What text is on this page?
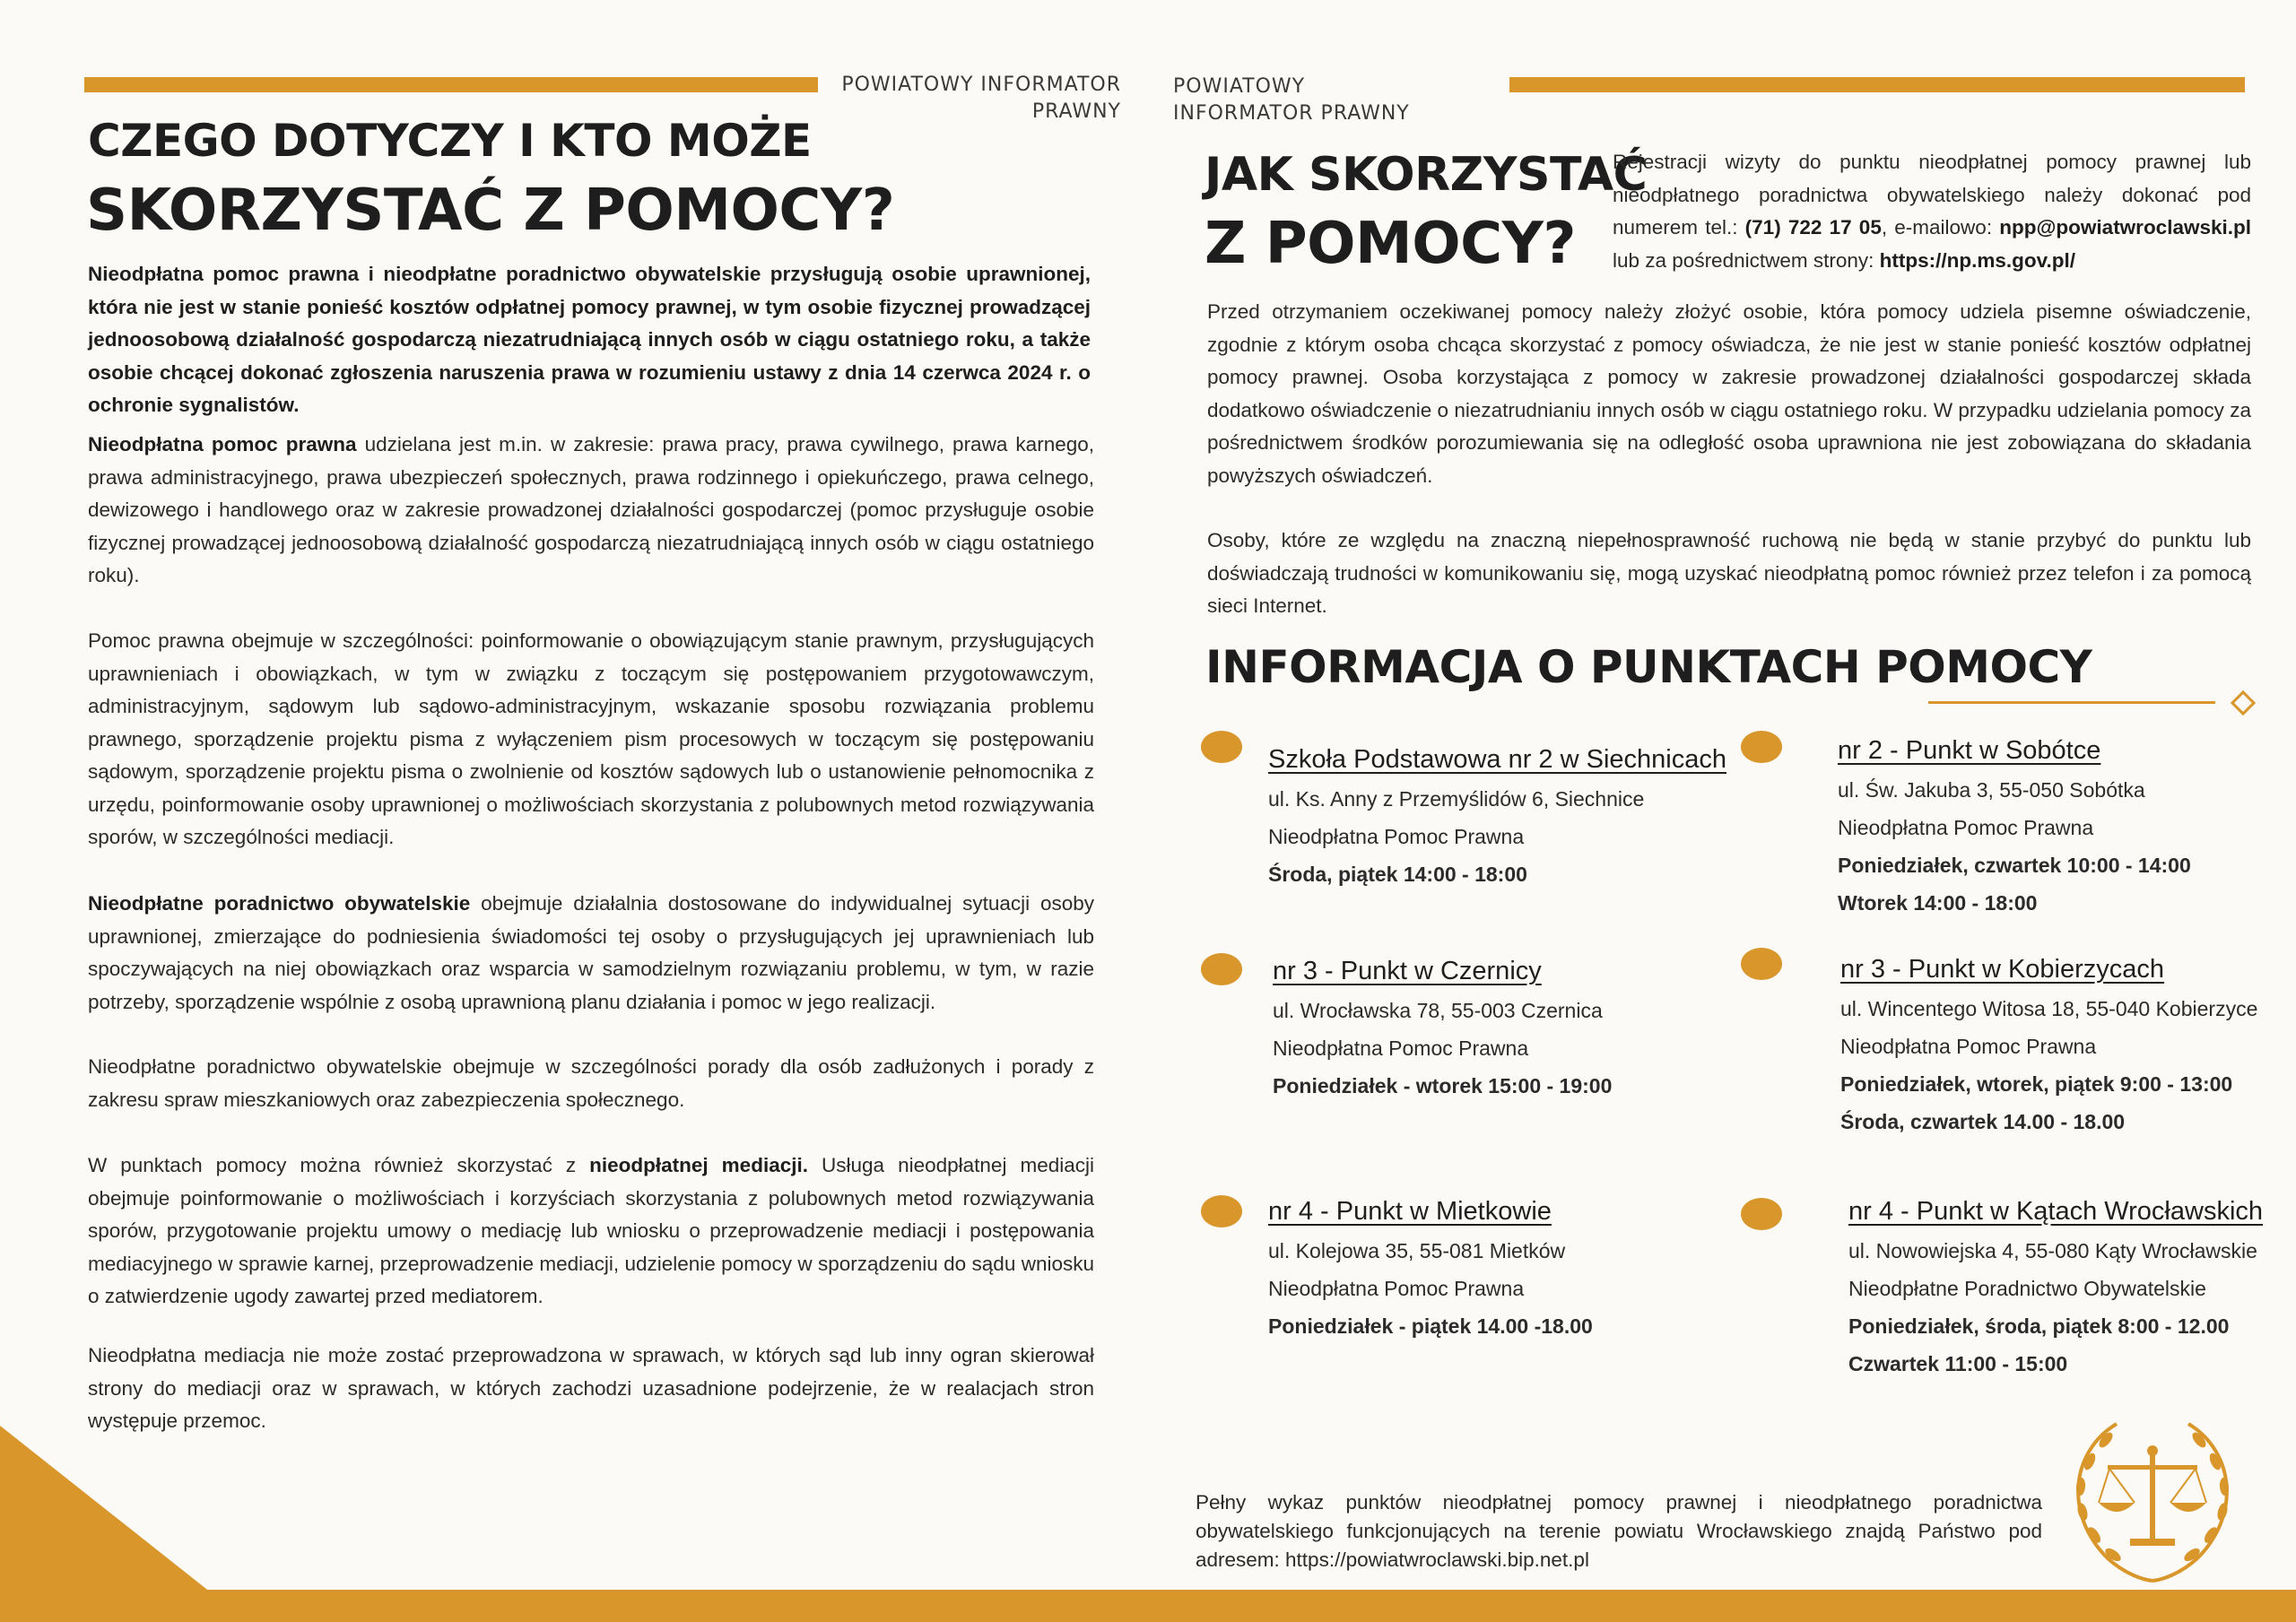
POWIATOWY INFORMATOR PRAWNY
CZEGO DOTYCZY I KTO MOŻE
SKORZYSTAĆ Z POMOCY?

Nieodpłatna pomoc prawna i nieodpłatne poradnictwo obywatelskie przysługują osobie uprawnionej, która nie jest w stanie ponieść kosztów odpłatnej pomocy prawnej, w tym osobie fizycznej prowadzącej jednoosobową działalność gospodarczą niezatrudniającą innych osób w ciągu ostatniego roku, a także osobie chcącej dokonać zgłoszenia naruszenia prawa w rozumieniu ustawy z dnia 14 czerwca 2024 r. o ochronie sygnalistów.

Nieodpłatna pomoc prawna udzielana jest m.in. w zakresie: prawa pracy, prawa cywilnego, prawa karnego, prawa administracyjnego, prawa ubezpieczeń społecznych, prawa rodzinnego i opiekuńczego, prawa celnego, dewizowego i handlowego oraz w zakresie prowadzonej działalności gospodarczej (pomoc przysługuje osobie fizycznej prowadzącej jednoosobową działalność gospodarczą niezatrudniającą innych osób w ciągu ostatniego roku).

Pomoc prawna obejmuje w szczególności: poinformowanie o obowiązującym stanie prawnym, przysługujących uprawnieniach i obowiązkach, w tym w związku z toczącym się postępowaniem przygotowawczym, administracyjnym, sądowym lub sądowo-administracyjnym, wskazanie sposobu rozwiązania problemu prawnego, sporządzenie projektu pisma z wyłączeniem pism procesowych w toczącym się postępowaniu sądowym, sporządzenie projektu pisma o zwolnienie od kosztów sądowych lub o ustanowienie pełnomocnika z urzędu, poinformowanie osoby uprawnionej o możliwościach skorzystania z polubownych metod rozwiązywania sporów, w szczególności mediacji.

Nieodpłatne poradnictwo obywatelskie obejmuje działalnia dostosowane do indywidualnej sytuacji osoby uprawnionej, zmierzające do podniesienia świadomości tej osoby o przysługujących jej uprawnieniach lub spoczywających na niej obowiązkach oraz wsparcia w samodzielnym rozwiązaniu problemu, w tym, w razie potrzeby, sporządzenie wspólnie z osobą uprawnioną planu działania i pomoc w jego realizacji.

Nieodpłatne poradnictwo obywatelskie obejmuje w szczególności porady dla osób zadłużonych i porady z zakresu spraw mieszkaniowych oraz zabezpieczenia społecznego.

W punktach pomocy można również skorzystać z nieodpłatnej mediacji. Usługa nieodpłatnej mediacji obejmuje poinformowanie o możliwościach i korzyściach skorzystania z polubownych metod rozwiązywania sporów, przygotowanie projektu umowy o mediację lub wniosku o przeprowadzenie mediacji i postępowania mediacyjnego w sprawie karnej, przeprowadzenie mediacji, udzielenie pomocy w sporządzeniu do sądu wniosku o zatwierdzenie ugody zawartej przed mediatorem.

Nieodpłatna mediacja nie może zostać przeprowadzona w sprawach, w których sąd lub inny ogran skierował strony do mediacji oraz w sprawach, w których zachodzi uzasadnione podejrzenie, że w realacjach stron występuje przemoc.

POWIATOWY INFORMATOR PRAWNY
JAK SKORZYSTAĆ
Z POMOCY?

Rejestracji wizyty do punktu nieodpłatnej pomocy prawnej lub nieodpłatnego poradnictwa obywatelskiego należy dokonać pod numerem tel.: (71) 722 17 05, e-mailowo: npp@powiatwroclawski.pl lub za pośrednictwem strony: https://np.ms.gov.pl/

Przed otrzymaniem oczekiwanej pomocy należy złożyć osobie, która pomocy udziela pisemne oświadczenie, zgodnie z którym osoba chcąca skorzystać z pomocy oświadcza, że nie jest w stanie ponieść kosztów odpłatnej pomocy prawnej. Osoba korzystająca z pomocy w zakresie prowadzonej działalności gospodarczej składa dodatkowo oświadczenie o niezatrudnianiu innych osób w ciągu ostatniego roku. W przypadku udzielania pomocy za pośrednictwem środków porozumiewania się na odległość osoba uprawniona nie jest zobowiązana do składania powyższych oświadczeń.

Osoby, które ze względu na znaczną niepełnosprawność ruchową nie będą w stanie przybyć do punktu lub doświadczają trudności w komunikowaniu się, mogą uzyskać nieodpłatną pomoc również przez telefon i za pomocą sieci Internet.

INFORMACJA O PUNKTACH POMOCY
Szkoła Podstawowa nr 2 w Siechnicach
ul. Ks. Anny z Przemyślidów 6, Siechnice
Nieodpłatna Pomoc Prawna
Środa, piątek 14:00 - 18:00
nr 2 - Punkt w Sobótce
ul. Św. Jakuba 3, 55-050 Sobótka
Nieodpłatna Pomoc Prawna
Poniedziałek, czwartek 10:00 - 14:00
Wtorek 14:00 - 18:00
nr 3 - Punkt w Czernicy
ul. Wrocławska 78, 55-003 Czernica
Nieodpłatna Pomoc Prawna
Poniedziałek - wtorek 15:00 - 19:00
nr 3 - Punkt w Kobierzycach
ul. Wincentego Witosa 18, 55-040 Kobierzyce
Nieodpłatna Pomoc Prawna
Poniedziałek, wtorek, piątek 9:00 - 13:00
Środa, czwartek 14.00 - 18.00
nr 4 - Punkt w Mietkowie
ul. Kolejowa 35, 55-081 Mietków
Nieodpłatna Pomoc Prawna
Poniedziałek - piątek 14.00 -18.00
nr 4 - Punkt w Kątach Wrocławskich
ul. Nowowiejska 4, 55-080 Kąty Wrocławskie
Nieodpłatne Poradnictwo Obywatelskie
Poniedziałek, środa, piątek 8:00 - 12.00
Czwartek 11:00 - 15:00

Pełny wykaz punktów nieodpłatnej pomocy prawnej i nieodpłatnego poradnictwa obywatelskiego funkcjonujących na terenie powiatu Wrocławskiego znajdą Państwo pod adresem: https://powiatwroclawski.bip.net.pl
